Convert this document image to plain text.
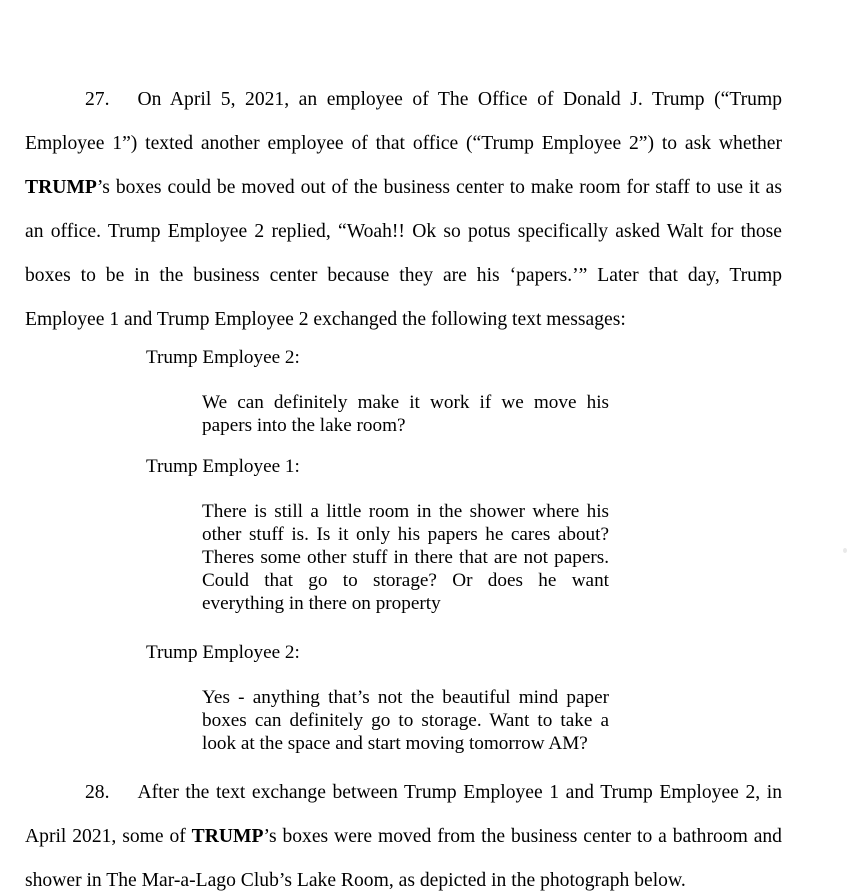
27. On April 5, 2021, an employee of The Office of Donald J. Trump (“Trump Employee 1”) texted another employee of that office (“Trump Employee 2”) to ask whether TRUMP’s boxes could be moved out of the business center to make room for staff to use it as an office. Trump Employee 2 replied, “Woah!! Ok so potus specifically asked Walt for those boxes to be in the business center because they are his ‘papers.’” Later that day, Trump Employee 1 and Trump Employee 2 exchanged the following text messages:

Trump Employee 2:

We can definitely make it work if we move his papers into the lake room?

Trump Employee 1:

There is still a little room in the shower where his other stuff is. Is it only his papers he cares about? Theres some other stuff in there that are not papers. Could that go to storage? Or does he want everything in there on property

Trump Employee 2:

Yes - anything that’s not the beautiful mind paper boxes can definitely go to storage. Want to take a look at the space and start moving tomorrow AM?

28. After the text exchange between Trump Employee 1 and Trump Employee 2, in April 2021, some of TRUMP’s boxes were moved from the business center to a bathroom and shower in The Mar-a-Lago Club’s Lake Room, as depicted in the photograph below.
